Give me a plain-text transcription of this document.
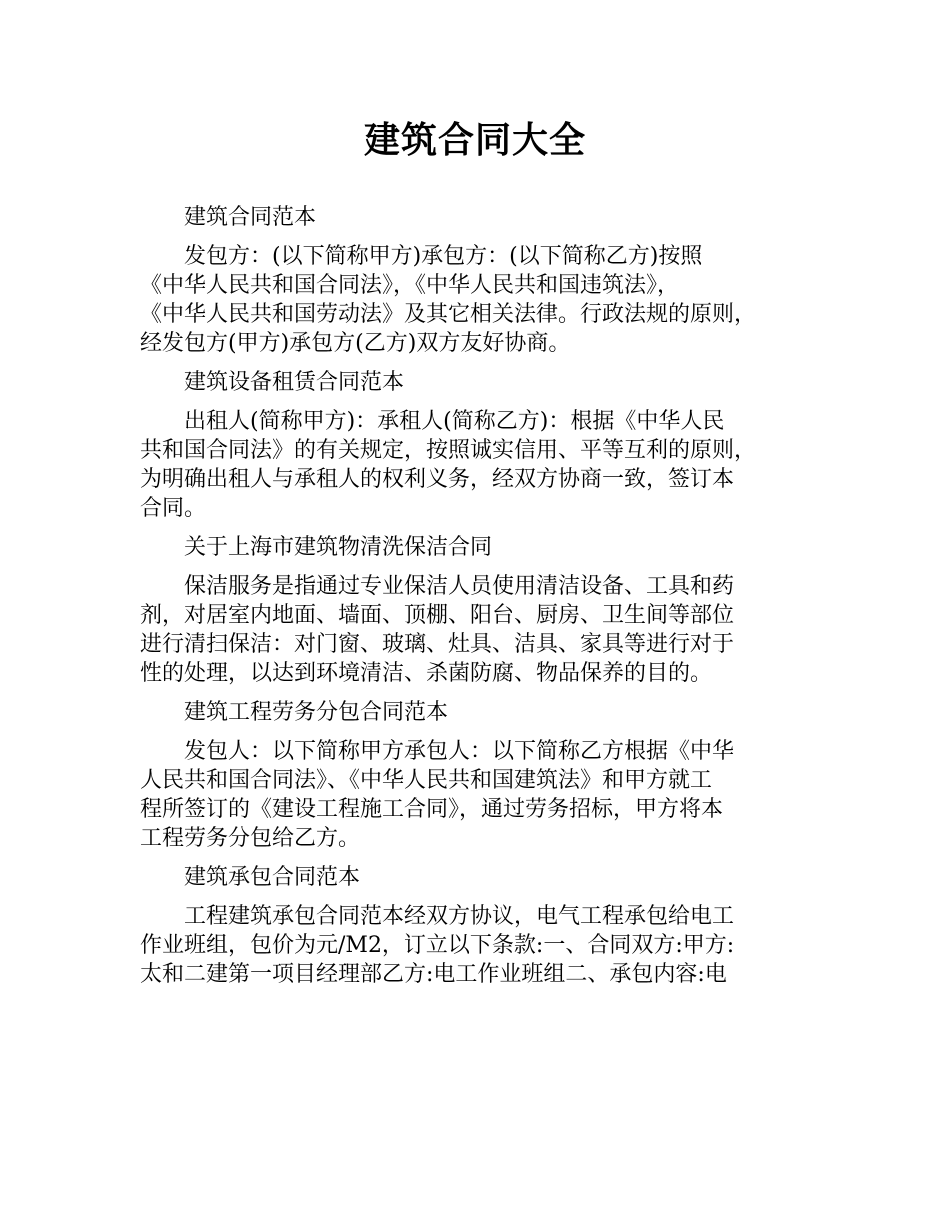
建筑合同大全

建筑合同范本

发包方：(以下简称甲方)承包方：(以下简称乙方)按照
《中华人民共和国合同法》，《中华人民共和国违筑法》，
《中华人民共和国劳动法》及其它相关法律。行政法规的原则，
经发包方(甲方)承包方(乙方)双方友好协商。

建筑设备租赁合同范本

出租人(简称甲方)：承租人(简称乙方)：根据《中华人民
共和国合同法》的有关规定，按照诚实信用、平等互利的原则，
为明确出租人与承租人的权利义务，经双方协商一致，签订本
合同。

关于上海市建筑物清洗保洁合同

保洁服务是指通过专业保洁人员使用清洁设备、工具和药
剂，对居室内地面、墙面、顶棚、阳台、厨房、卫生间等部位
进行清扫保洁：对门窗、玻璃、灶具、洁具、家具等进行对于
性的处理，以达到环境清洁、杀菌防腐、物品保养的目的。

建筑工程劳务分包合同范本

发包人：以下简称甲方承包人：以下简称乙方根据《中华
人民共和国合同法》、《中华人民共和国建筑法》和甲方就工
程所签订的《建设工程施工合同》，通过劳务招标，甲方将本
工程劳务分包给乙方。

建筑承包合同范本

工程建筑承包合同范本经双方协议，电气工程承包给电工
作业班组，包价为元/M2，订立以下条款:一、合同双方:甲方:
太和二建第一项目经理部乙方:电工作业班组二、承包内容:电
